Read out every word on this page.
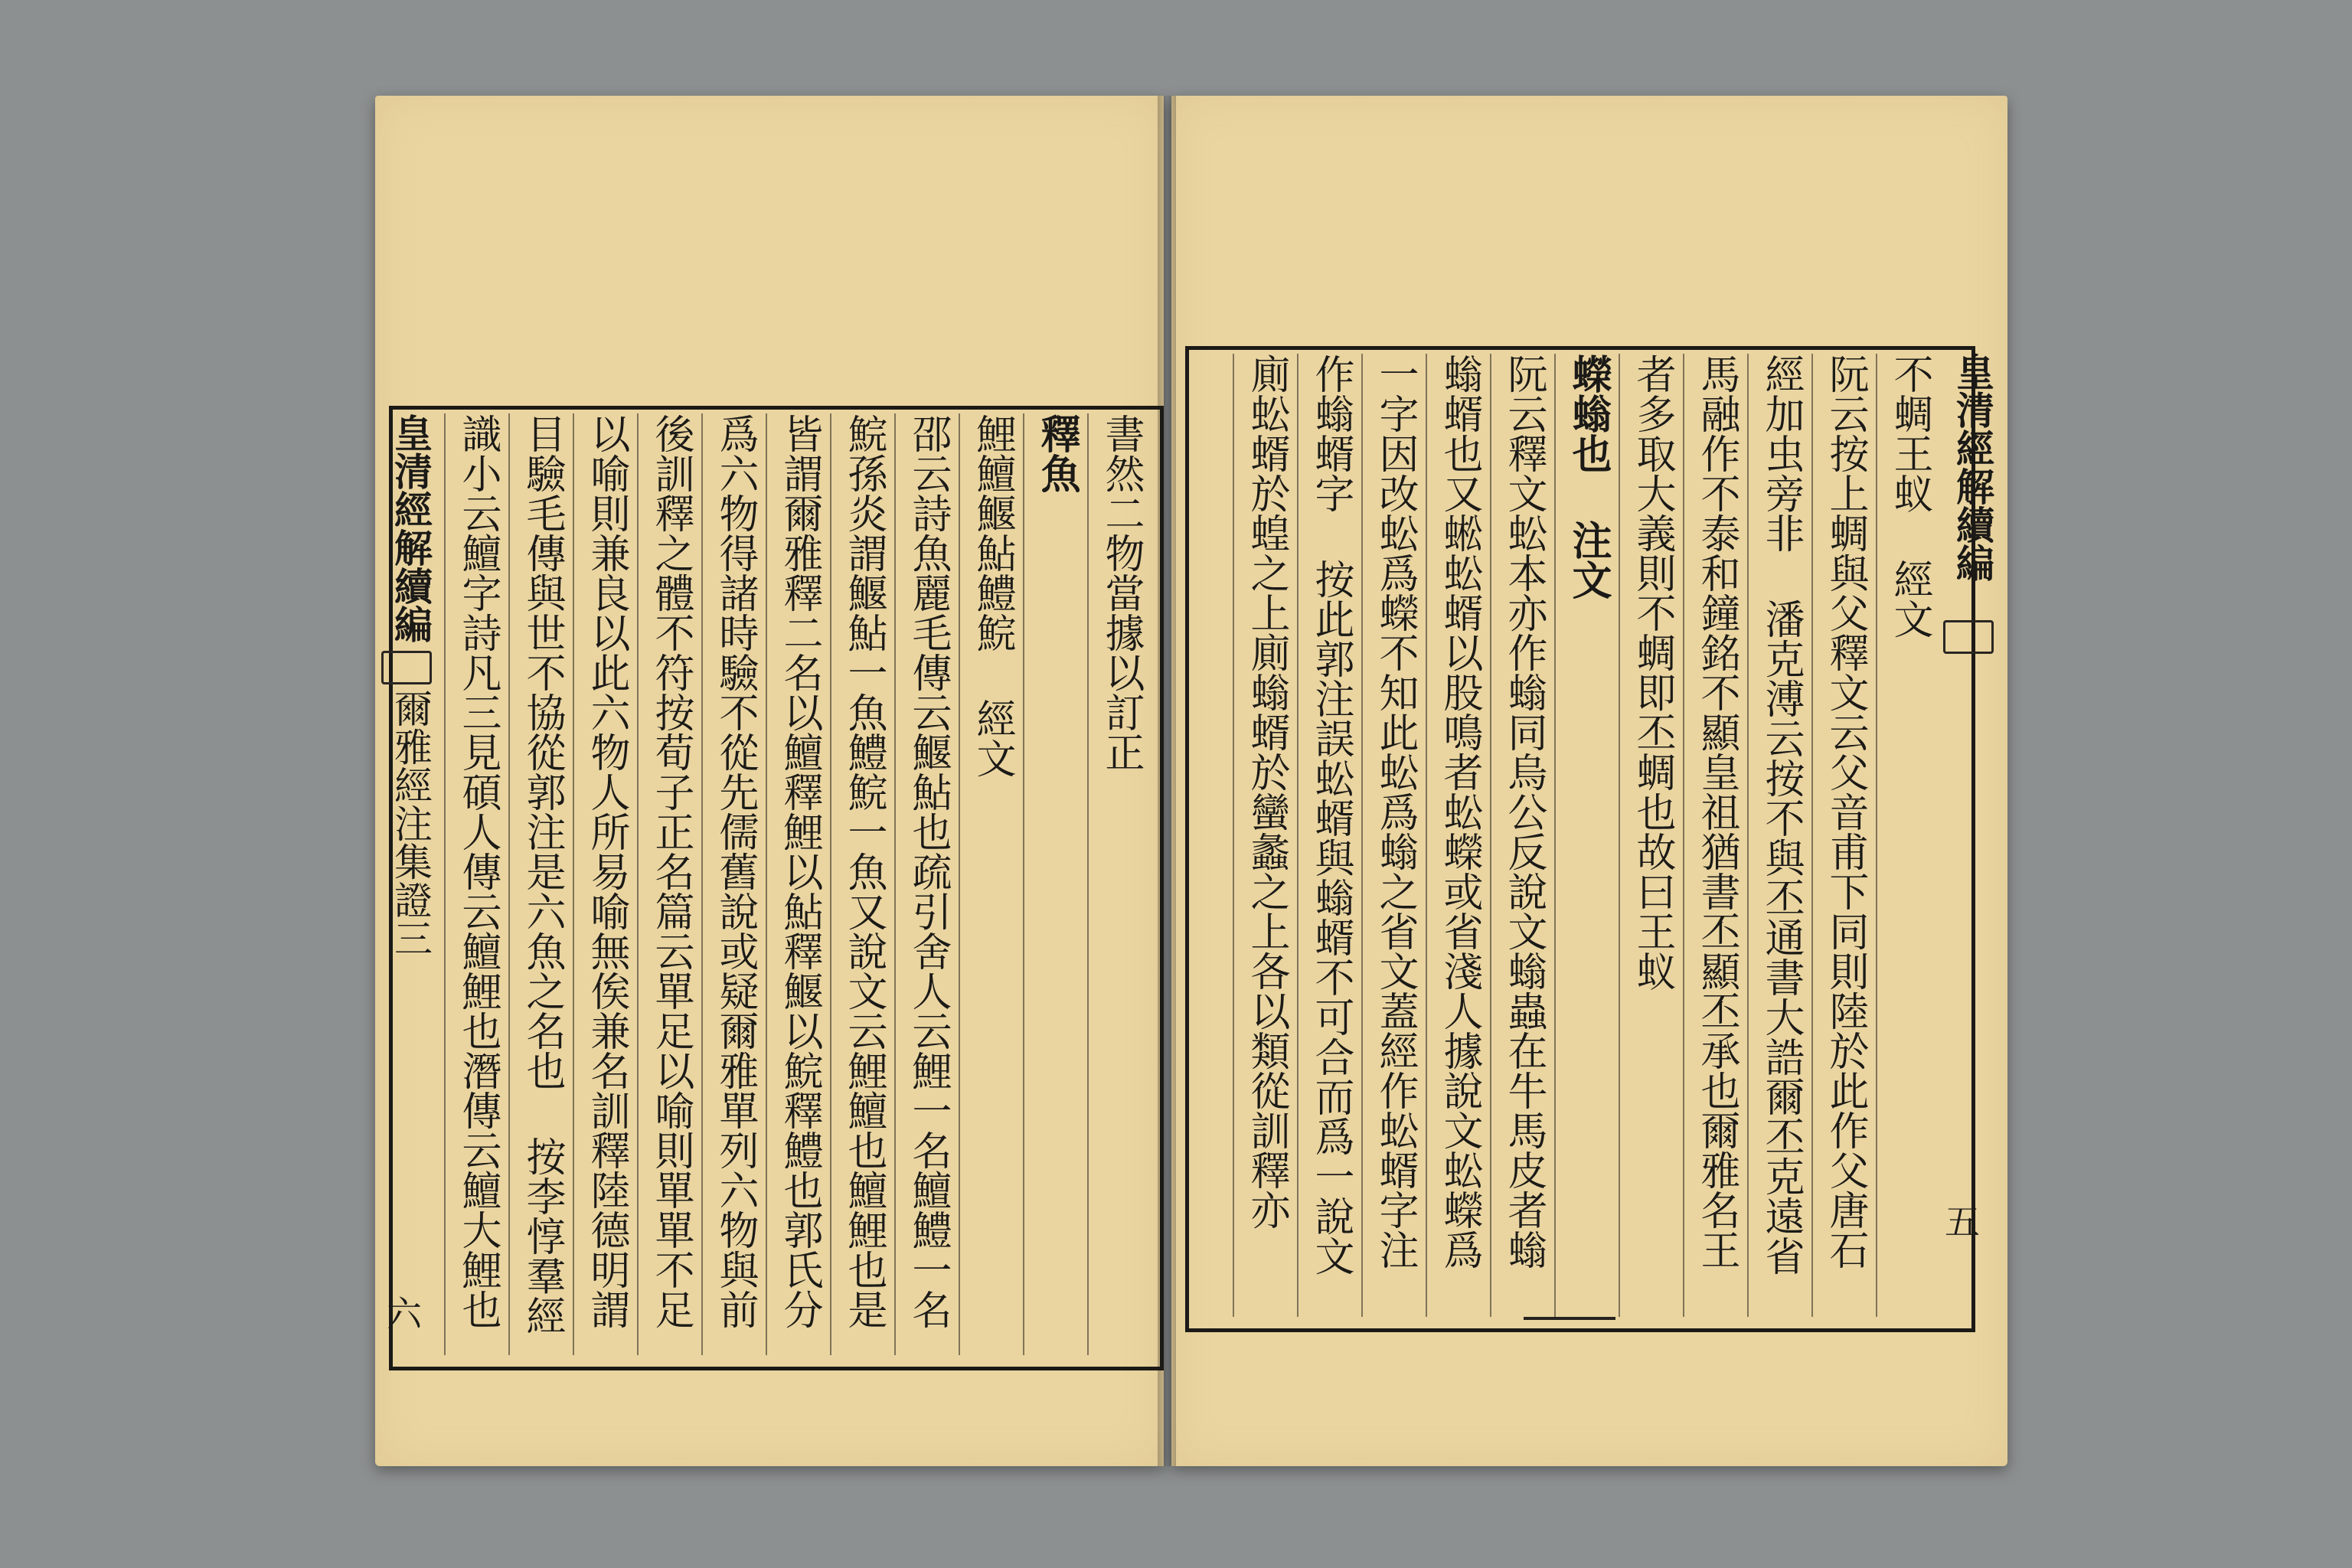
皇清經解續編
爾雅經注集證三
六
皇清經解續編
五
書然二物當據以訂正
釋魚
鯉鱣鰋鮎鱧鯇 經文
邵云詩魚麗毛傳云鰋鮎也疏引舍人云鯉一名鱣鱧一名
鯇孫炎謂鰋鮎一魚鱧鯇一魚又說文云鯉鱣也鱣鯉也是
皆謂爾雅釋二名以鱣釋鯉以鮎釋鰋以鯇釋鱧也郭氏分
爲六物得諸時驗不從先儒舊說或疑爾雅單列六物與前
後訓釋之體不符按荀子正名篇云單足以喻則單單不足
以喻則兼良以此六物人所易喻無俟兼名訓釋陸德明謂
目驗毛傳與世不協從郭注是六魚之名也 按李惇羣經
識小云鱣字詩凡三見碩人傳云鱣鯉也潛傳云鱣大鯉也	不蜩王蚁 經文
阮云按上蜩與父釋文云父音甫下同則陸於此作父唐石
經加虫旁非 潘克溥云按不與丕通書大誥爾丕克遠省
馬融作不泰和鐘銘不顯皇祖猶書丕顯丕承也爾雅名王
者多取大義則不蜩即丕蜩也故曰王蚁
蠑螉也 注文
阮云釋文蚣本亦作螉同烏公反說文螉蟲在牛馬皮者螉
螉蝑也又蜙蚣蝑以股鳴者蚣蠑或省淺人據說文蚣蠑爲
一字因改蚣爲蠑不知此蚣爲螉之省文蓋經作蚣蝑字注
作螉蝑字 按此郭注誤蚣蝑與螉蝑不可合而爲一說文
廁蚣蝑於蝗之上廁螉蝑於蠻蠡之上各以類從訓釋亦
